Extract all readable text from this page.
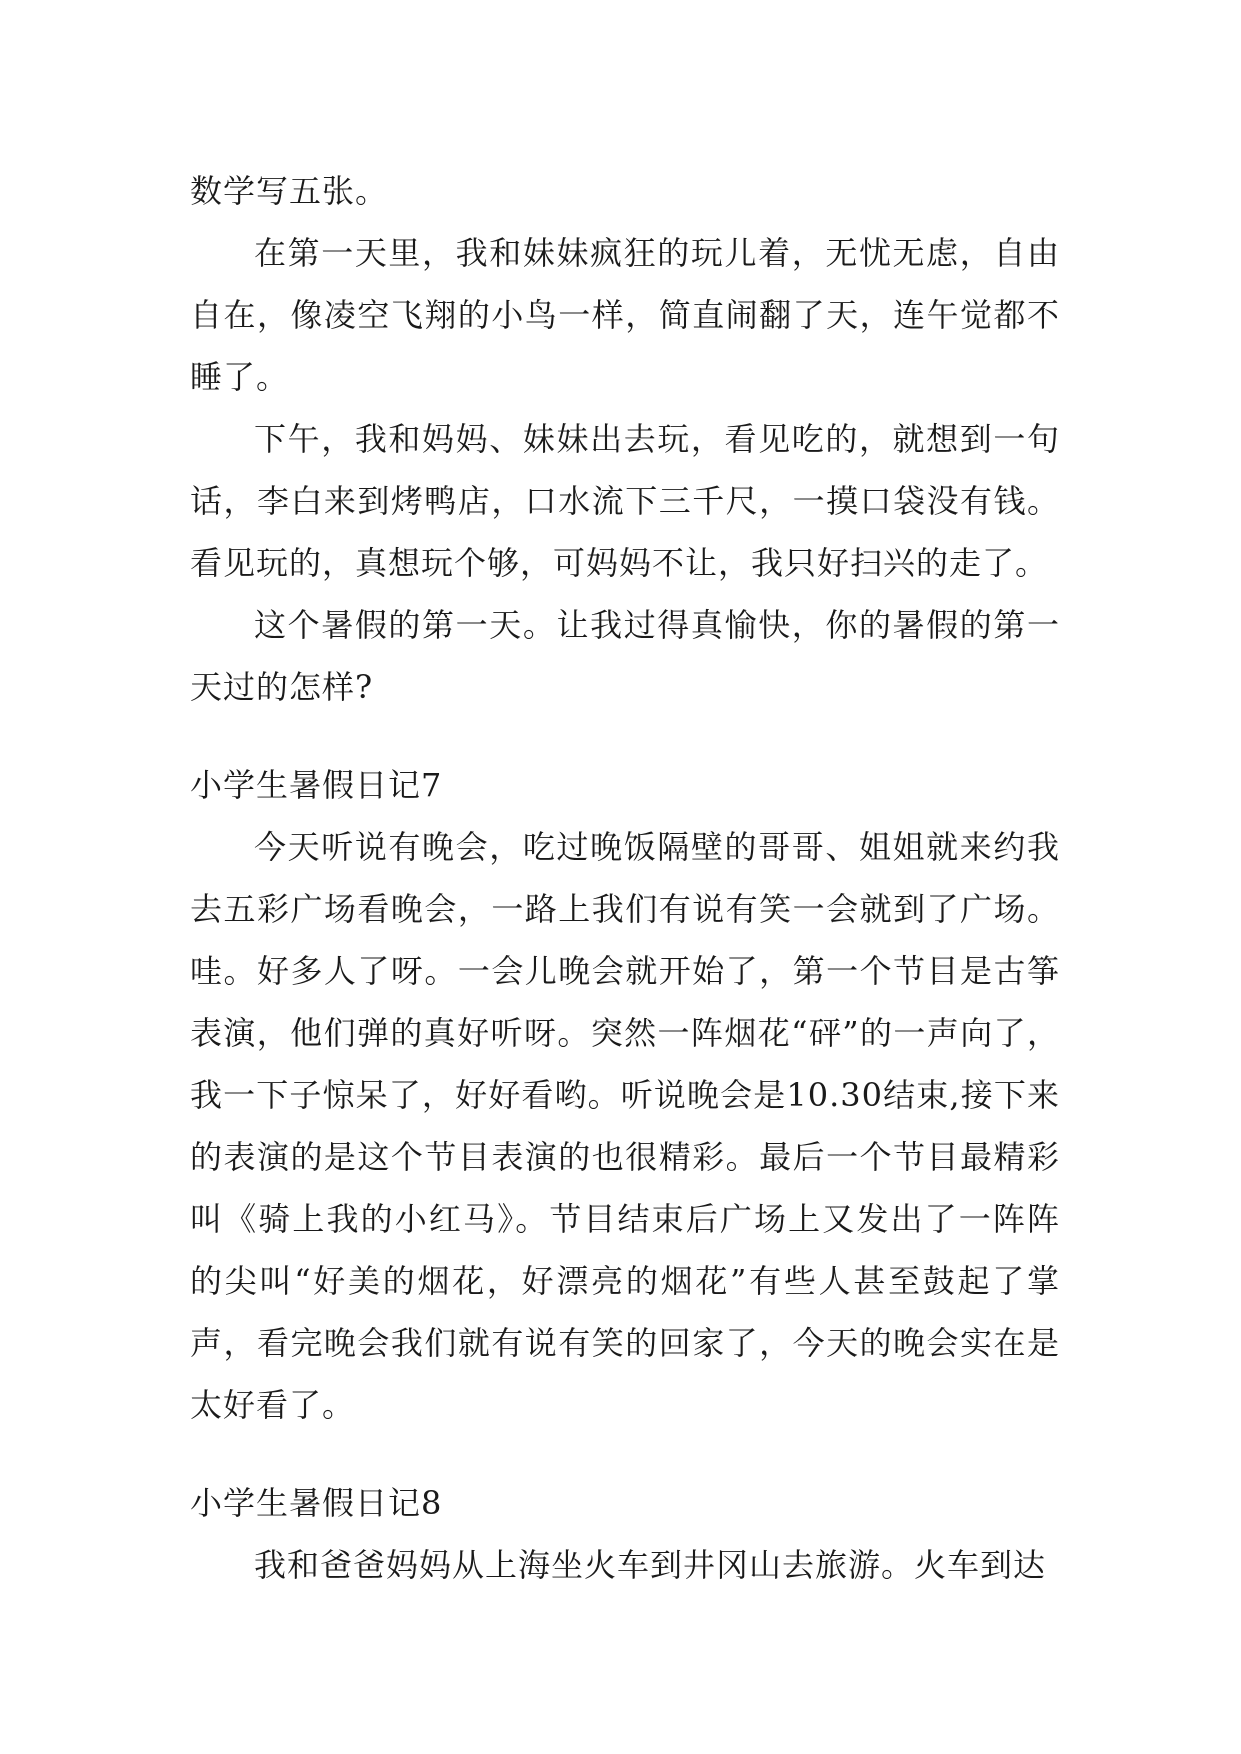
数学写五张。

在第一天里，我和妹妹疯狂的玩儿着，无忧无虑，自由自在，像凌空飞翔的小鸟一样，简直闹翻了天，连午觉都不睡了。

下午，我和妈妈、妹妹出去玩，看见吃的，就想到一句话，李白来到烤鸭店，口水流下三千尺，一摸口袋没有钱。看见玩的，真想玩个够，可妈妈不让，我只好扫兴的走了。

这个暑假的第一天。让我过得真愉快，你的暑假的第一天过的怎样?

小学生暑假日记7

今天听说有晚会，吃过晚饭隔壁的哥哥、姐姐就来约我去五彩广场看晚会，一路上我们有说有笑一会就到了广场。哇。好多人了呀。一会儿晚会就开始了，第一个节目是古筝表演，他们弹的真好听呀。突然一阵烟花“砰”的一声向了，我一下子惊呆了，好好看哟。听说晚会是10.30结束,接下来的表演的是这个节目表演的也很精彩。最后一个节目最精彩叫《骑上我的小红马》。节目结束后广场上又发出了一阵阵的尖叫“好美的烟花，好漂亮的烟花”有些人甚至鼓起了掌声，看完晚会我们就有说有笑的回家了，今天的晚会实在是太好看了。

小学生暑假日记8

我和爸爸妈妈从上海坐火车到井冈山去旅游。火车到达
